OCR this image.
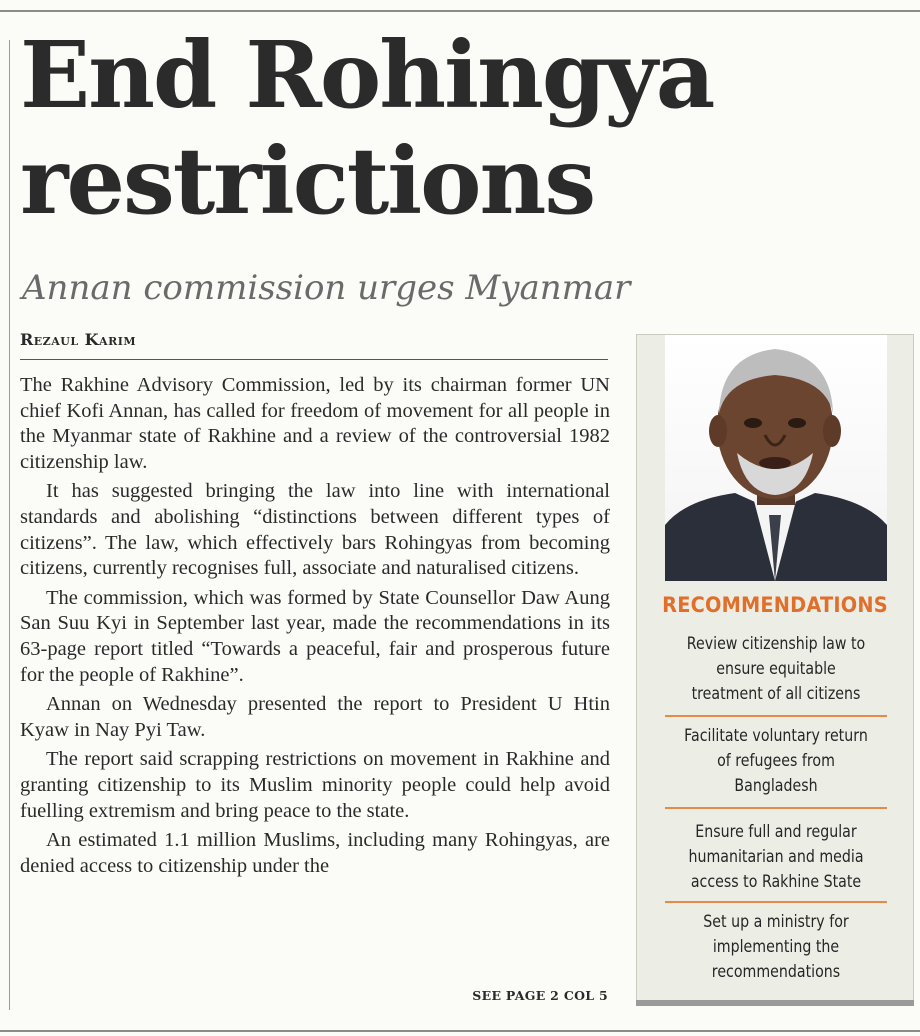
End Rohingya restrictions
Annan commission urges Myanmar
Rezaul Karim

The Rakhine Advisory Commission, led by its chairman former UN chief Kofi Annan, has called for freedom of movement for all people in the Myanmar state of Rakhine and a review of the controversial 1982 citizenship law.

It has suggested bringing the law into line with international standards and abolishing “distinctions between different types of citizens”. The law, which effectively bars Rohingyas from becoming citizens, currently recognises full, associate and naturalised citizens.

The commission, which was formed by State Counsellor Daw Aung San Suu Kyi in September last year, made the recommendations in its 63-page report titled “Towards a peaceful, fair and prosperous future for the people of Rakhine”.

Annan on Wednesday presented the report to President U Htin Kyaw in Nay Pyi Taw.

The report said scrapping restrictions on movement in Rakhine and granting citizenship to its Muslim minority people could help avoid fuelling extremism and bring peace to the state.

An estimated 1.1 million Muslims, including many Rohingyas, are denied access to citizenship under the

SEE PAGE 2 COL 5
RECOMMENDATIONS
Review citizenship law to ensure equitable treatment of all citizens
Facilitate voluntary return of refugees from Bangladesh
Ensure full and regular humanitarian and media access to Rakhine State
Set up a ministry for implementing the recommendations
